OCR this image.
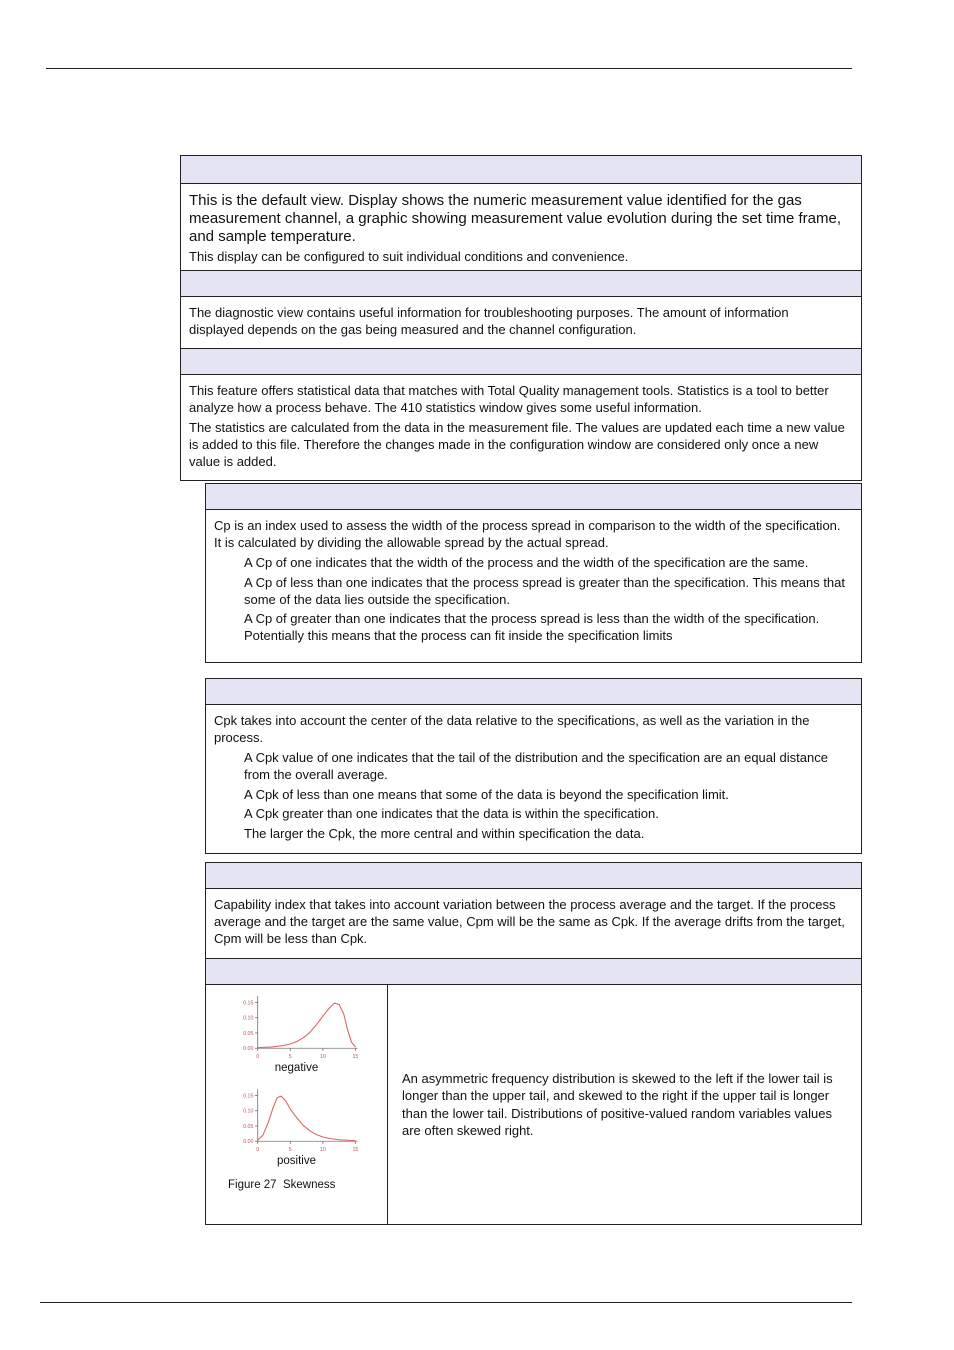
This is the default view. Display shows the numeric measurement value identified for the gas measurement channel, a graphic showing measurement value evolution during the set time frame, and sample temperature.

This display can be configured to suit individual conditions and convenience.

The diagnostic view contains useful information for troubleshooting purposes. The amount of information displayed depends on the gas being measured and the channel configuration.

This feature offers statistical data that matches with Total Quality management tools. Statistics is a tool to better analyze how a process behave. The 410 statistics window gives some useful information.

The statistics are calculated from the data in the measurement file. The values are updated each time a new value is added to this file. Therefore the changes made in the configuration window are considered only once a new value is added.

Cp is an index used to assess the width of the process spread in comparison to the width of the specification. It is calculated by dividing the allowable spread by the actual spread.

A Cp of one indicates that the width of the process and the width of the specification are the same.

A Cp of less than one indicates that the process spread is greater than the specification. This means that some of the data lies outside the specification.

A Cp of greater than one indicates that the process spread is less than the width of the specification. Potentially this means that the process can fit inside the specification limits

Cpk takes into account the center of the data relative to the specifications, as well as the variation in the process.

A Cpk value of one indicates that the tail of the distribution and the specification are an equal distance from the overall average.

A Cpk of less than one means that some of the data is beyond the specification limit.

A Cpk greater than one indicates that the data is within the specification.

The larger the Cpk, the more central and within specification the data.

Capability index that takes into account variation between the process average and the target. If the process average and the target are the same value, Cpm will be the same as Cpk. If the average drifts from the target, Cpm will be less than Cpk.

0.15
0.10
0.05
0.00
0	5	10	15
negative
0.15
0.10
0.05
0.00
0	5	10	15
positive
Figure 27  Skewness

An asymmetric frequency distribution is skewed to the left if the lower tail is longer than the upper tail, and skewed to the right if the upper tail is longer than the lower tail. Distributions of positive-valued random variables values are often skewed right.
